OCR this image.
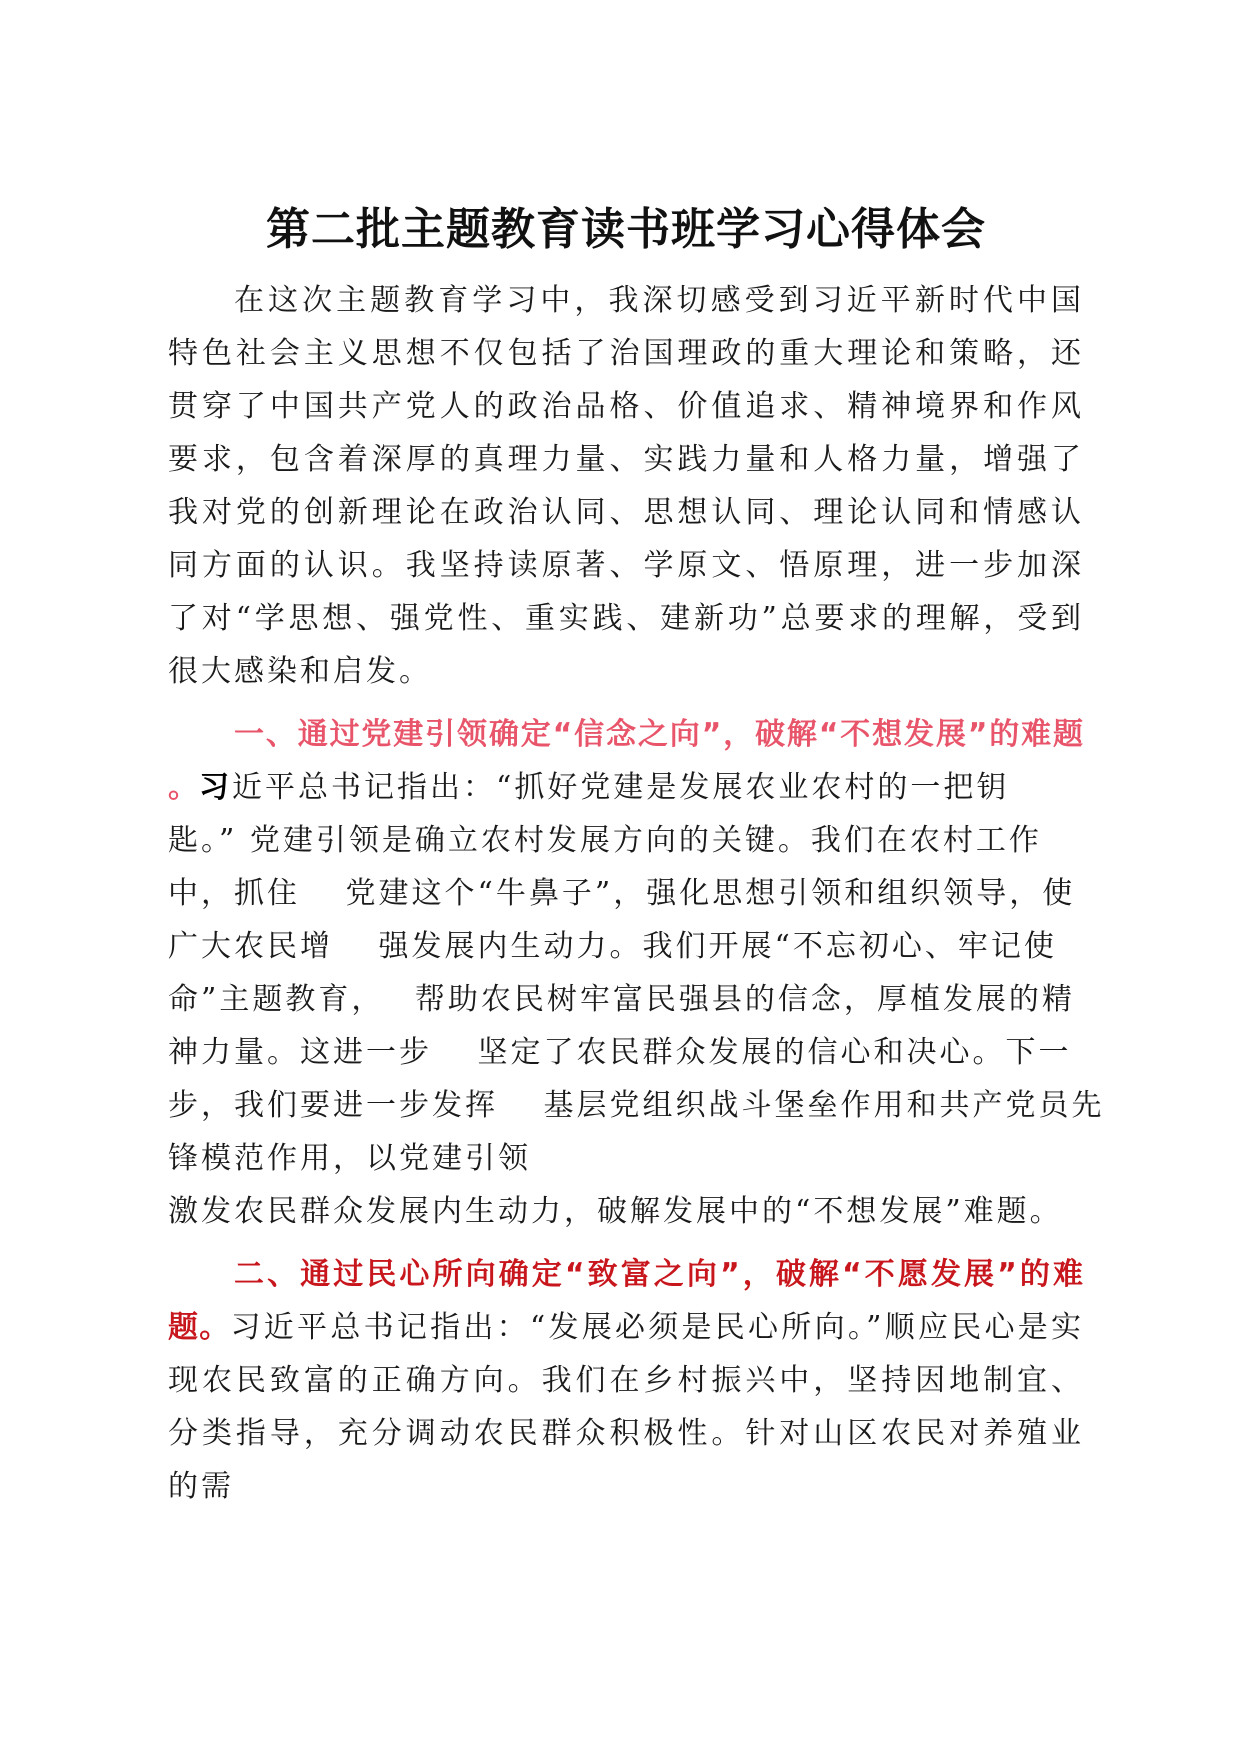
第二批主题教育读书班学习心得体会

在这次主题教育学习中，我深切感受到习近平新时代中国特色社会主义思想不仅包括了治国理政的重大理论和策略，还贯穿了中国共产党人的政治品格、价值追求、精神境界和作风要求，包含着深厚的真理力量、实践力量和人格力量，增强了我对党的创新理论在政治认同、思想认同、理论认同和情感认同方面的认识。我坚持读原著、学原文、悟原理，进一步加深了对“学思想、强党性、重实践、建新功”总要求的理解，受到很大感染和启发。

一、通过党建引领确定“信念之向”，破解“不想发展”的难题 。习近平总书记指出：“抓好党建是发展农业农村的一把钥
匙。” 党建引领是确立农村发展方向的关键。我们在农村工作
中，抓住　 党建这个“牛鼻子”，强化思想引领和组织领导，使
广大农民增　 强发展内生动力。我们开展“不忘初心、牢记使
命”主题教育，　 帮助农民树牢富民强县的信念，厚植发展的精
神力量。这进一步　 坚定了农民群众发展的信心和决心。下一
步，我们要进一步发挥　 基层党组织战斗堡垒作用和共产党员先
锋模范作用，以党建引领
激发农民群众发展内生动力，破解发展中的“不想发展”难题。

二、通过民心所向确定“致富之向”，破解“不愿发展”的难题。习近平总书记指出：“发展必须是民心所向。”顺应民心是实现农民致富的正确方向。我们在乡村振兴中，坚持因地制宜、分类指导，充分调动农民群众积极性。针对山区农民对养殖业的需
